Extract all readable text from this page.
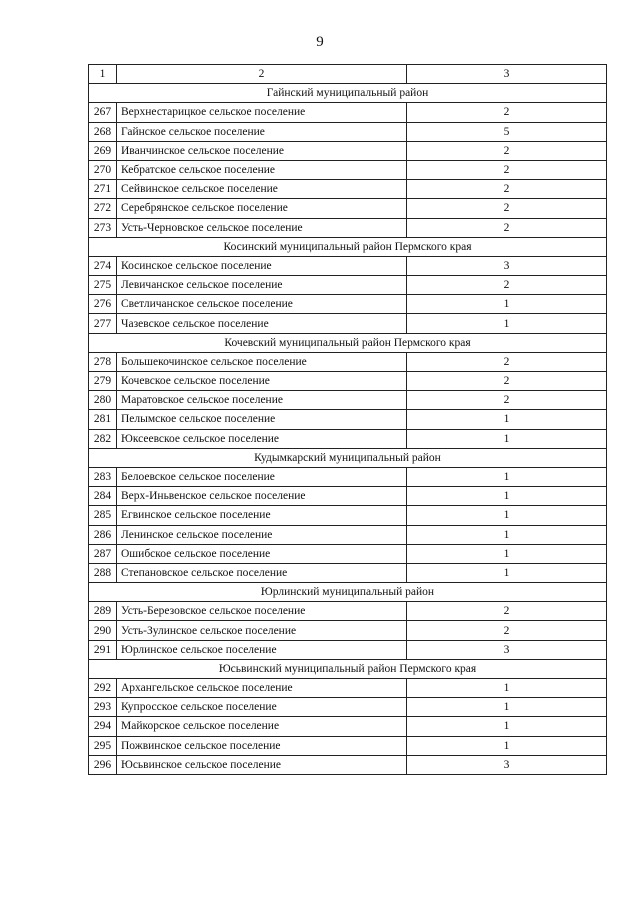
9
1	2	3
Гайнский муниципальный район		
267	Верхнестарицкое сельское поселение	2
268	Гайнское сельское поселение	5
269	Иванчинское сельское поселение	2
270	Кебратское сельское поселение	2
271	Сейвинское сельское поселение	2
272	Серебрянское сельское поселение	2
273	Усть-Черновское сельское поселение	2
Косинский муниципальный район Пермского края		
274	Косинское сельское поселение	3
275	Левичанское сельское поселение	2
276	Светличанское сельское поселение	1
277	Чазевское сельское поселение	1
Кочевский муниципальный район Пермского края		
278	Большекочинское сельское поселение	2
279	Кочевское сельское поселение	2
280	Маратовское сельское поселение	2
281	Пелымское сельское поселение	1
282	Юксеевское сельское поселение	1
Кудымкарский муниципальный район		
283	Белоевское сельское поселение	1
284	Верх-Иньвенское сельское поселение	1
285	Егвинское сельское поселение	1
286	Ленинское сельское поселение	1
287	Ошибское сельское поселение	1
288	Степановское сельское поселение	1
Юрлинский муниципальный район		
289	Усть-Березовское сельское поселение	2
290	Усть-Зулинское сельское поселение	2
291	Юрлинское сельское поселение	3
Юсьвинский муниципальный район Пермского края		
292	Архангельское сельское поселение	1
293	Купросское сельское поселение	1
294	Майкорское сельское поселение	1
295	Пожвинское сельское поселение	1
296	Юсьвинское сельское поселение	3
